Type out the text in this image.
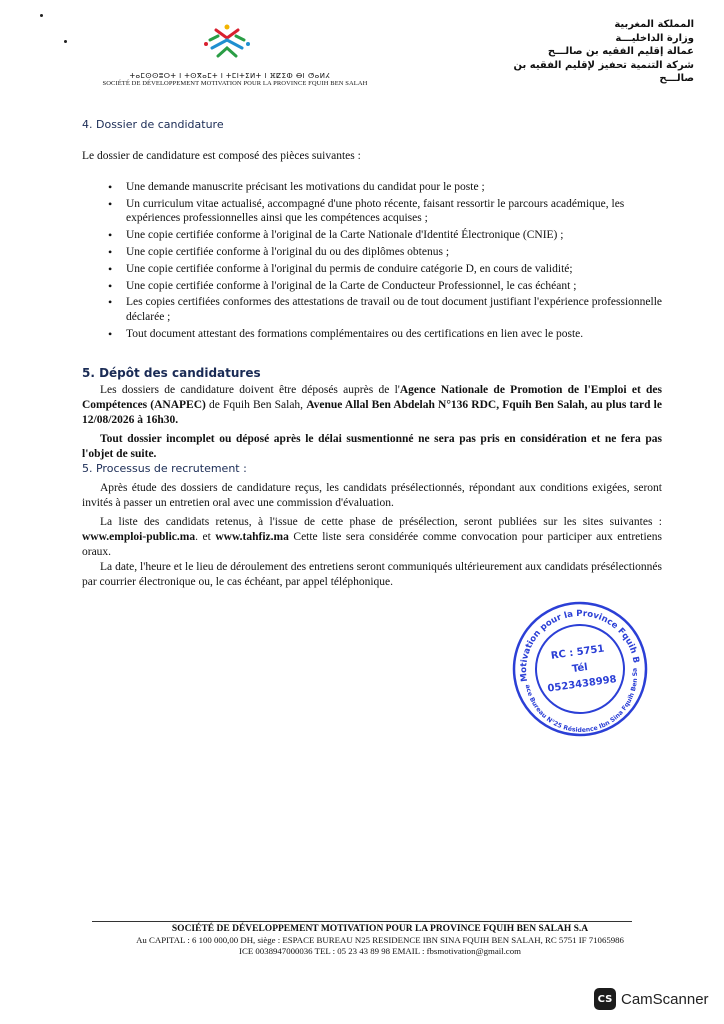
ⵜⴰⵎⵙⵙⵓⵔⵜ ⵏ ⵜⵙⴳⴰⵎⵜ ⵏ ⵜⵎⵏⵜⵉⵍⵜ ⵏ ⴼⵇⵉⵀ ⴱⵏ ⵚⴰⵍⵃ
SOCIÉTÉ DE DÉVELOPPEMENT MOTIVATION POUR LA PROVINCE FQUIH BEN SALAH
المملكة المغربية
وزارة الداخليـــة
عمالة إقليم الفقيه بن صالـــح
شركة التنمية تحفيز لإقليم الفقيه بن
صالـــح
4. Dossier de candidature
Le dossier de candidature est composé des pièces suivantes :
• Une demande manuscrite précisant les motivations du candidat pour le poste ;
• Un curriculum vitae actualisé, accompagné d'une photo récente, faisant ressortir le parcours académique, les expériences professionnelles ainsi que les compétences acquises ;
• Une copie certifiée conforme à l'original de la Carte Nationale d'Identité Électronique (CNIE) ;
• Une copie certifiée conforme à l'original du ou des diplômes obtenus ;
• Une copie certifiée conforme à l'original du permis de conduire catégorie D, en cours de validité;
• Une copie certifiée conforme à l'original de la Carte de Conducteur Professionnel, le cas échéant ;
• Les copies certifiées conformes des attestations de travail ou de tout document justifiant l'expérience professionnelle déclarée ;
• Tout document attestant des formations complémentaires ou des certifications en lien avec le poste.
5. Dépôt des candidatures
Les dossiers de candidature doivent être déposés auprès de l'Agence Nationale de Promotion de l'Emploi et des Compétences (ANAPEC) de Fquih Ben Salah, Avenue Allal Ben Abdelah N°136 RDC, Fquih Ben Salah, au plus tard le 12/08/2026 à 16h30.
Tout dossier incomplet ou déposé après le délai susmentionné ne sera pas pris en considération et ne fera pas l'objet de suite.
5. Processus de recrutement :
Après étude des dossiers de candidature reçus, les candidats présélectionnés, répondant aux conditions exigées, seront invités à passer un entretien oral avec une commission d'évaluation.
La liste des candidats retenus, à l'issue de cette phase de présélection, seront publiées sur les sites suivantes : www.emploi-public.ma. et www.tahfiz.ma Cette liste sera considérée comme convocation pour participer aux entretiens oraux.
La date, l'heure et le lieu de déroulement des entretiens seront communiqués ultérieurement aux candidats présélectionnés par courrier électronique ou, le cas échéant, par appel téléphonique.
Motivation pour la Province Fquih Ben
Espace Bureau N°25 Résidence Ibn Sina Fquih Ben Salah
RC : 5751
Tél
0523438998
SOCIÉTÉ DE DÉVELOPPEMENT MOTIVATION POUR LA PROVINCE FQUIH BEN SALAH S.A
Au CAPITAL : 6 100 000,00 DH, siège : ESPACE BUREAU N25 RESIDENCE IBN SINA FQUIH BEN SALAH, RC 5751 IF 71065986
ICE 0038947000036 TEL : 05 23 43 89 98 EMAIL : fbsmotivation@gmail.com
CS CamScanner
